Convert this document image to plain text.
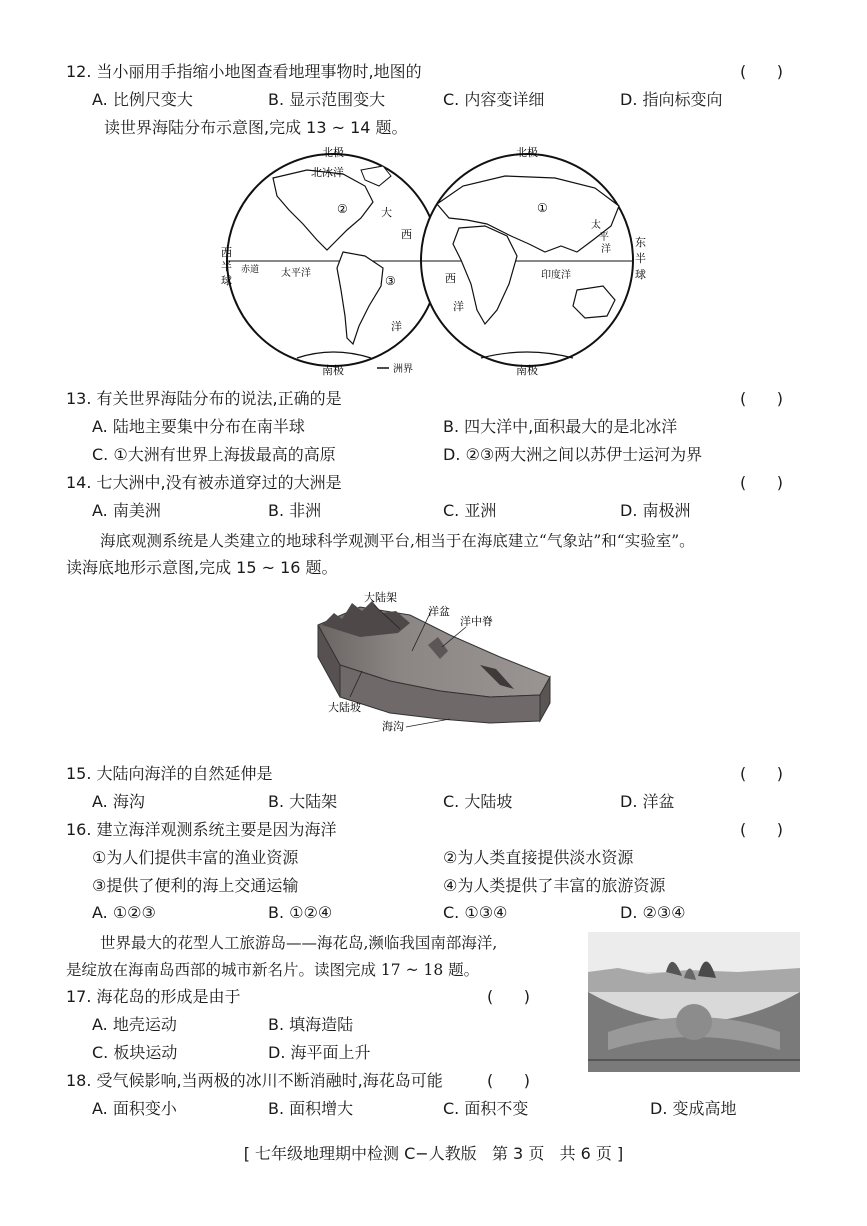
12. 当小丽用手指缩小地图查看地理事物时,地图的	(      )
A. 比例尺变大	B. 显示范围变大	C. 内容变详细	D. 指向标变向
读世界海陆分布示意图,完成 13 ~ 14 题。
北极	北极
北冰洋
②	①
③
大
西
洋
西
洋
太平洋
赤道	印度洋
太
平
洋
西
半
球
东
半
球
南极	南极
洲界
13. 有关世界海陆分布的说法,正确的是	(      )
A. 陆地主要集中分布在南半球	B. 四大洋中,面积最大的是北冰洋
C. ①大洲有世界上海拔最高的高原	D. ②③两大洲之间以苏伊士运河为界
14. 七大洲中,没有被赤道穿过的大洲是	(      )
A. 南美洲	B. 非洲	C. 亚洲	D. 南极洲
海底观测系统是人类建立的地球科学观测平台,相当于在海底建立“气象站”和“实验室”。
读海底地形示意图,完成 15 ~ 16 题。
大陆架
洋盆
洋中脊
大陆坡
海沟
15. 大陆向海洋的自然延伸是	(      )
A. 海沟	B. 大陆架	C. 大陆坡	D. 洋盆
16. 建立海洋观测系统主要是因为海洋	(      )
①为人们提供丰富的渔业资源	②为人类直接提供淡水资源
③提供了便利的海上交通运输	④为人类提供了丰富的旅游资源
A. ①②③	B. ①②④	C. ①③④	D. ②③④
世界最大的花型人工旅游岛——海花岛,濒临我国南部海洋,
是绽放在海南岛西部的城市新名片。读图完成 17 ~ 18 题。
17. 海花岛的形成是由于	(      )
A. 地壳运动	B. 填海造陆
C. 板块运动	D. 海平面上升
18. 受气候影响,当两极的冰川不断消融时,海花岛可能	(      )
A. 面积变小	B. 面积增大	C. 面积不变	D. 变成高地
[ 七年级地理期中检测 C−人教版   第 3 页   共 6 页 ]
